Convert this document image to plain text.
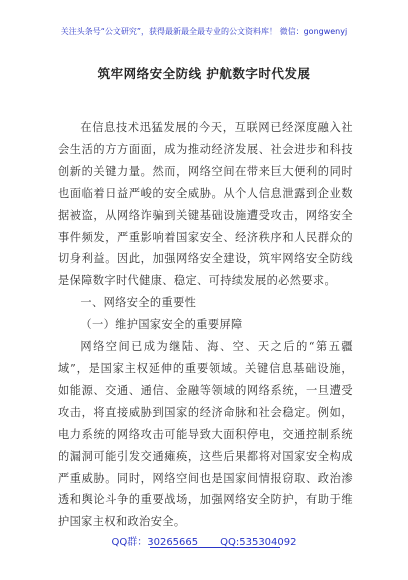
关注头条号“公文研究”，获得最新最全最专业的公文资料库！ 微信：gongwenyj
筑牢网络安全防线 护航数字时代发展

在信息技术迅猛发展的今天，互联网已经深度融入社会生活的方方面面，成为推动经济发展、社会进步和科技创新的关键力量。然而，网络空间在带来巨大便利的同时也面临着日益严峻的安全威胁。从个人信息泄露到企业数据被盗，从网络诈骗到关键基础设施遭受攻击，网络安全事件频发，严重影响着国家安全、经济秩序和人民群众的切身利益。因此，加强网络安全建设，筑牢网络安全防线是保障数字时代健康、稳定、可持续发展的必然要求。

一、网络安全的重要性

（一）维护国家安全的重要屏障

网络空间已成为继陆、海、空、天之后的“第五疆域”，是国家主权延伸的重要领域。关键信息基础设施，如能源、交通、通信、金融等领域的网络系统，一旦遭受攻击，将直接威胁到国家的经济命脉和社会稳定。例如，电力系统的网络攻击可能导致大面积停电，交通控制系统的漏洞可能引发交通瘫痪，这些后果都将对国家安全构成严重威胁。同时，网络空间也是国家间情报窃取、政治渗透和舆论斗争的重要战场，加强网络安全防护，有助于维护国家主权和政治安全。

QQ群：30265665 QQ:535304092
